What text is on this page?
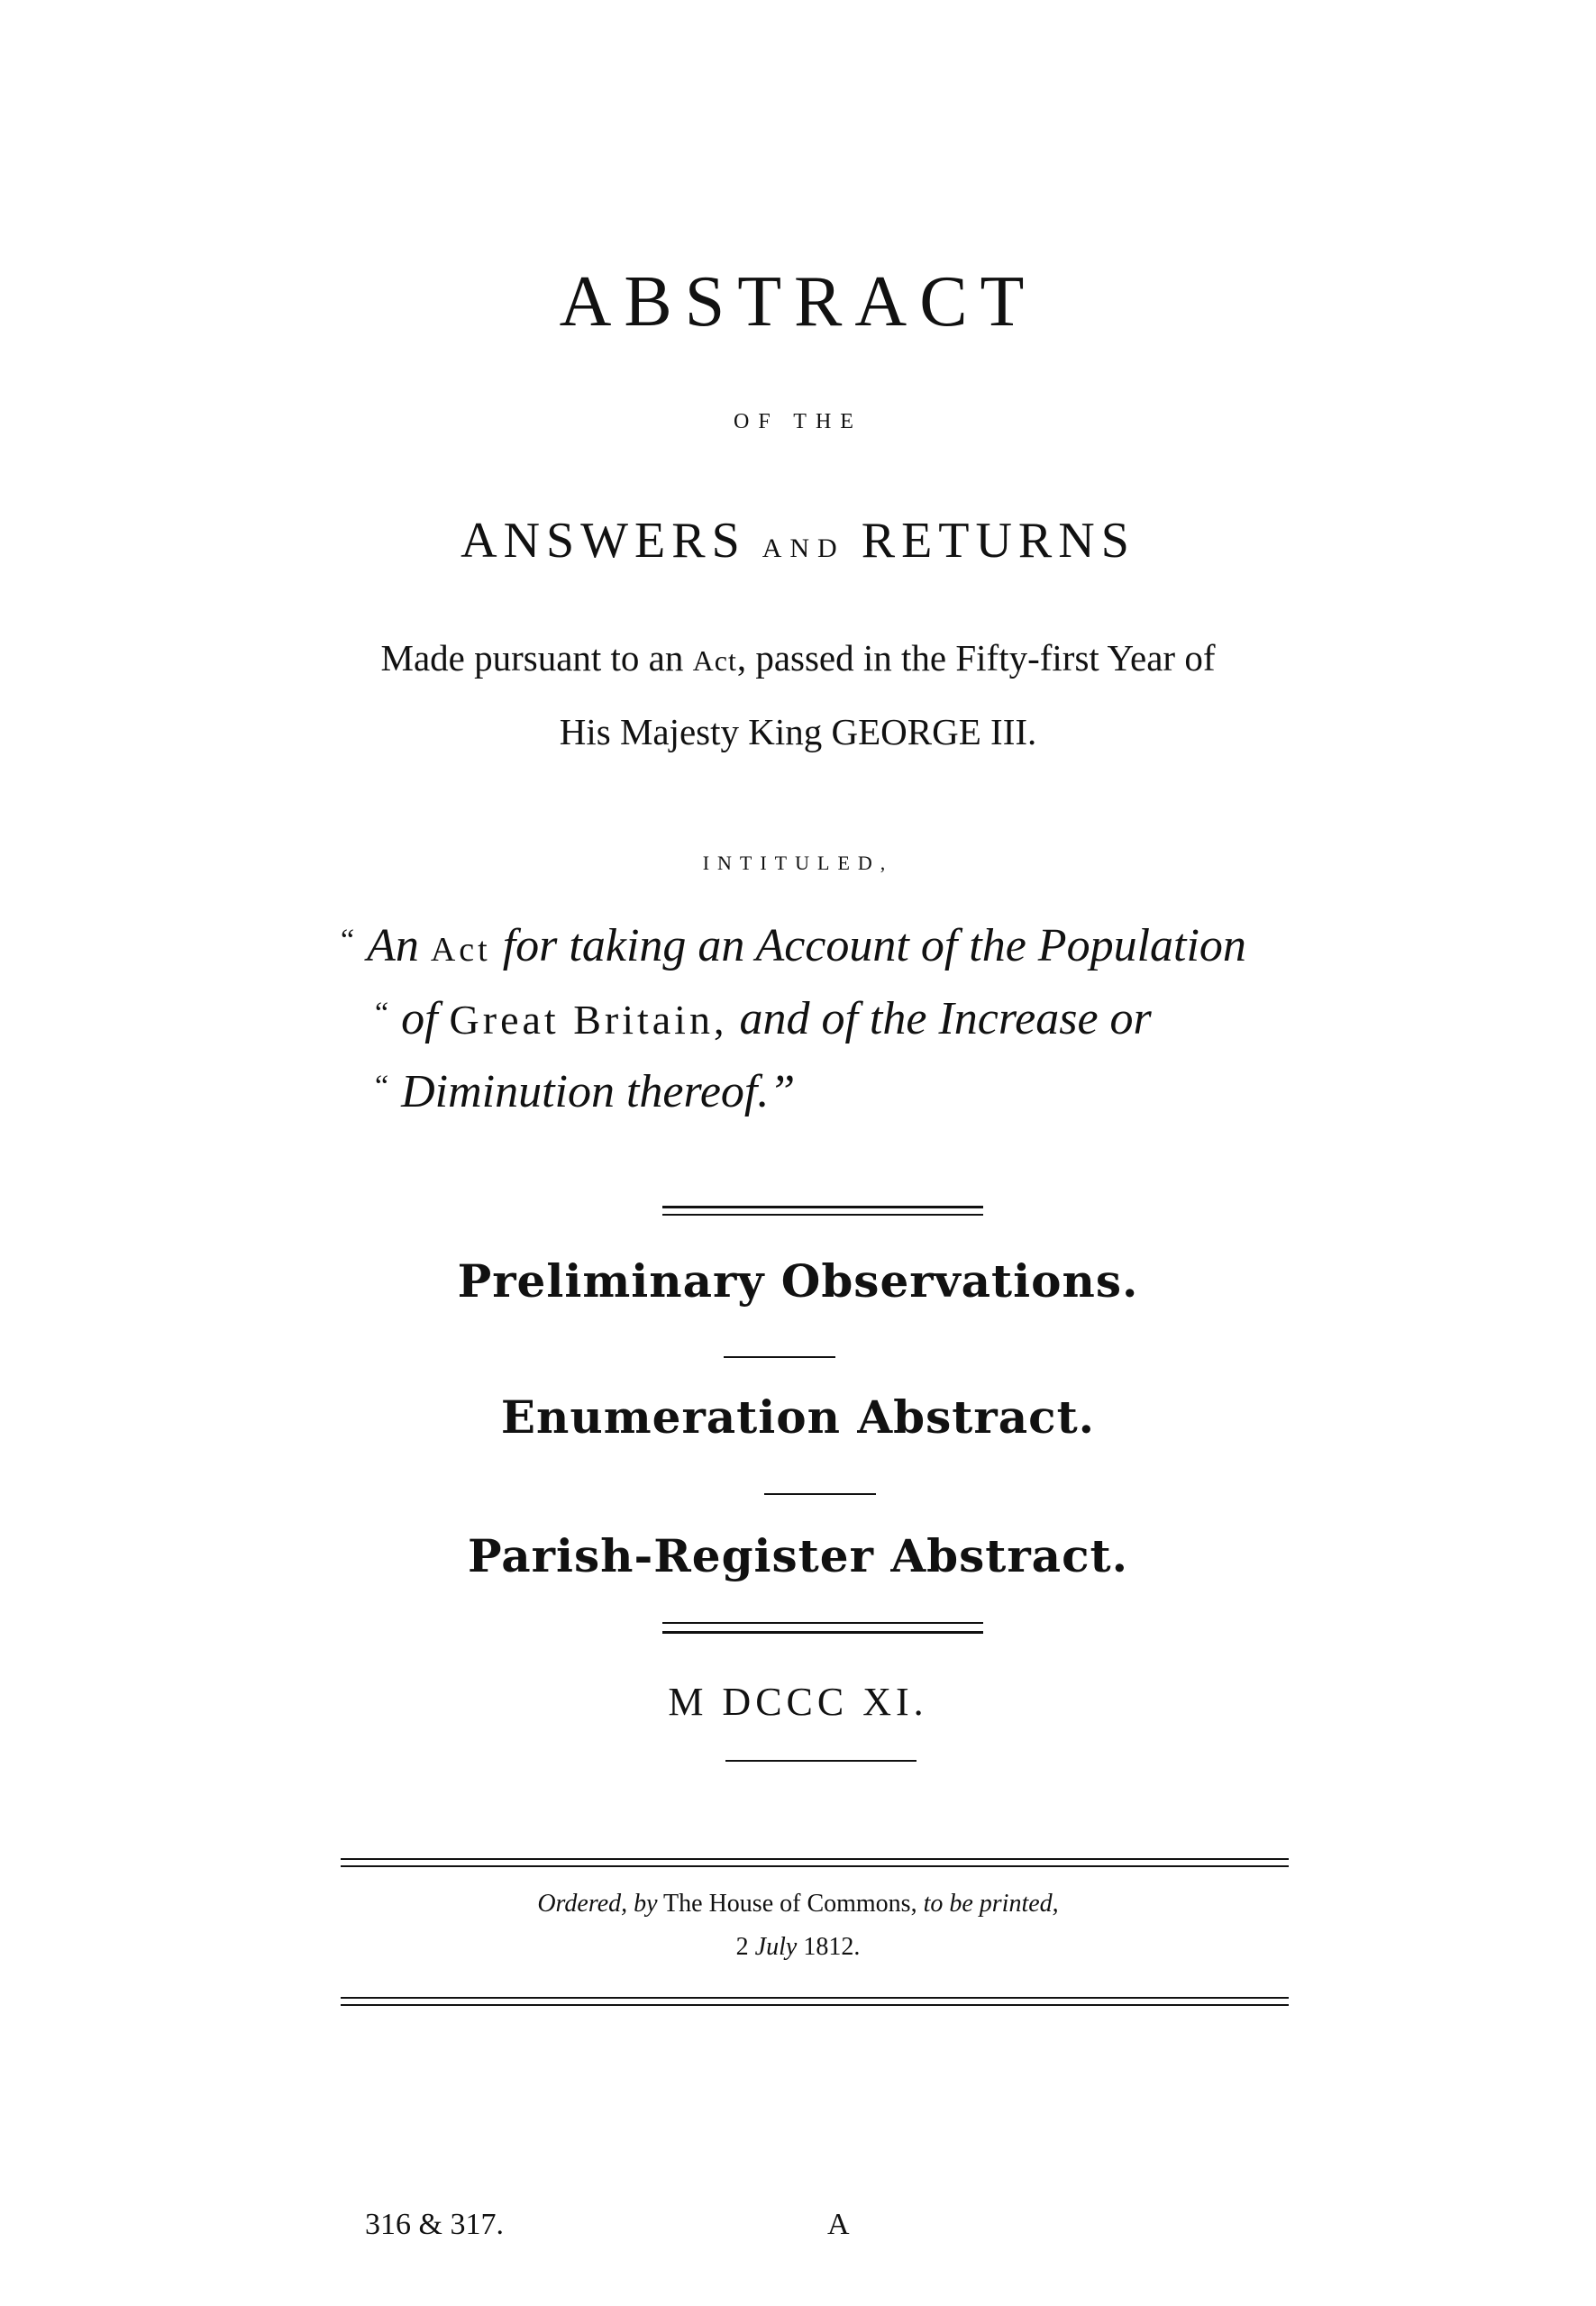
ABSTRACT
OF THE
ANSWERS AND RETURNS
Made pursuant to an Act, passed in the Fifty-first Year of
His Majesty King GEORGE III.
INTITULED,
“ An Act for taking an Account of the Population
“ of Great Britain, and of the Increase or
“ Diminution thereof.”
Preliminary Observations.
Enumeration Abstract.
Parish-Register Abstract.
M DCCC XI.
Ordered, by The House of Commons, to be printed,
2 July 1812.
316 & 317.	A
